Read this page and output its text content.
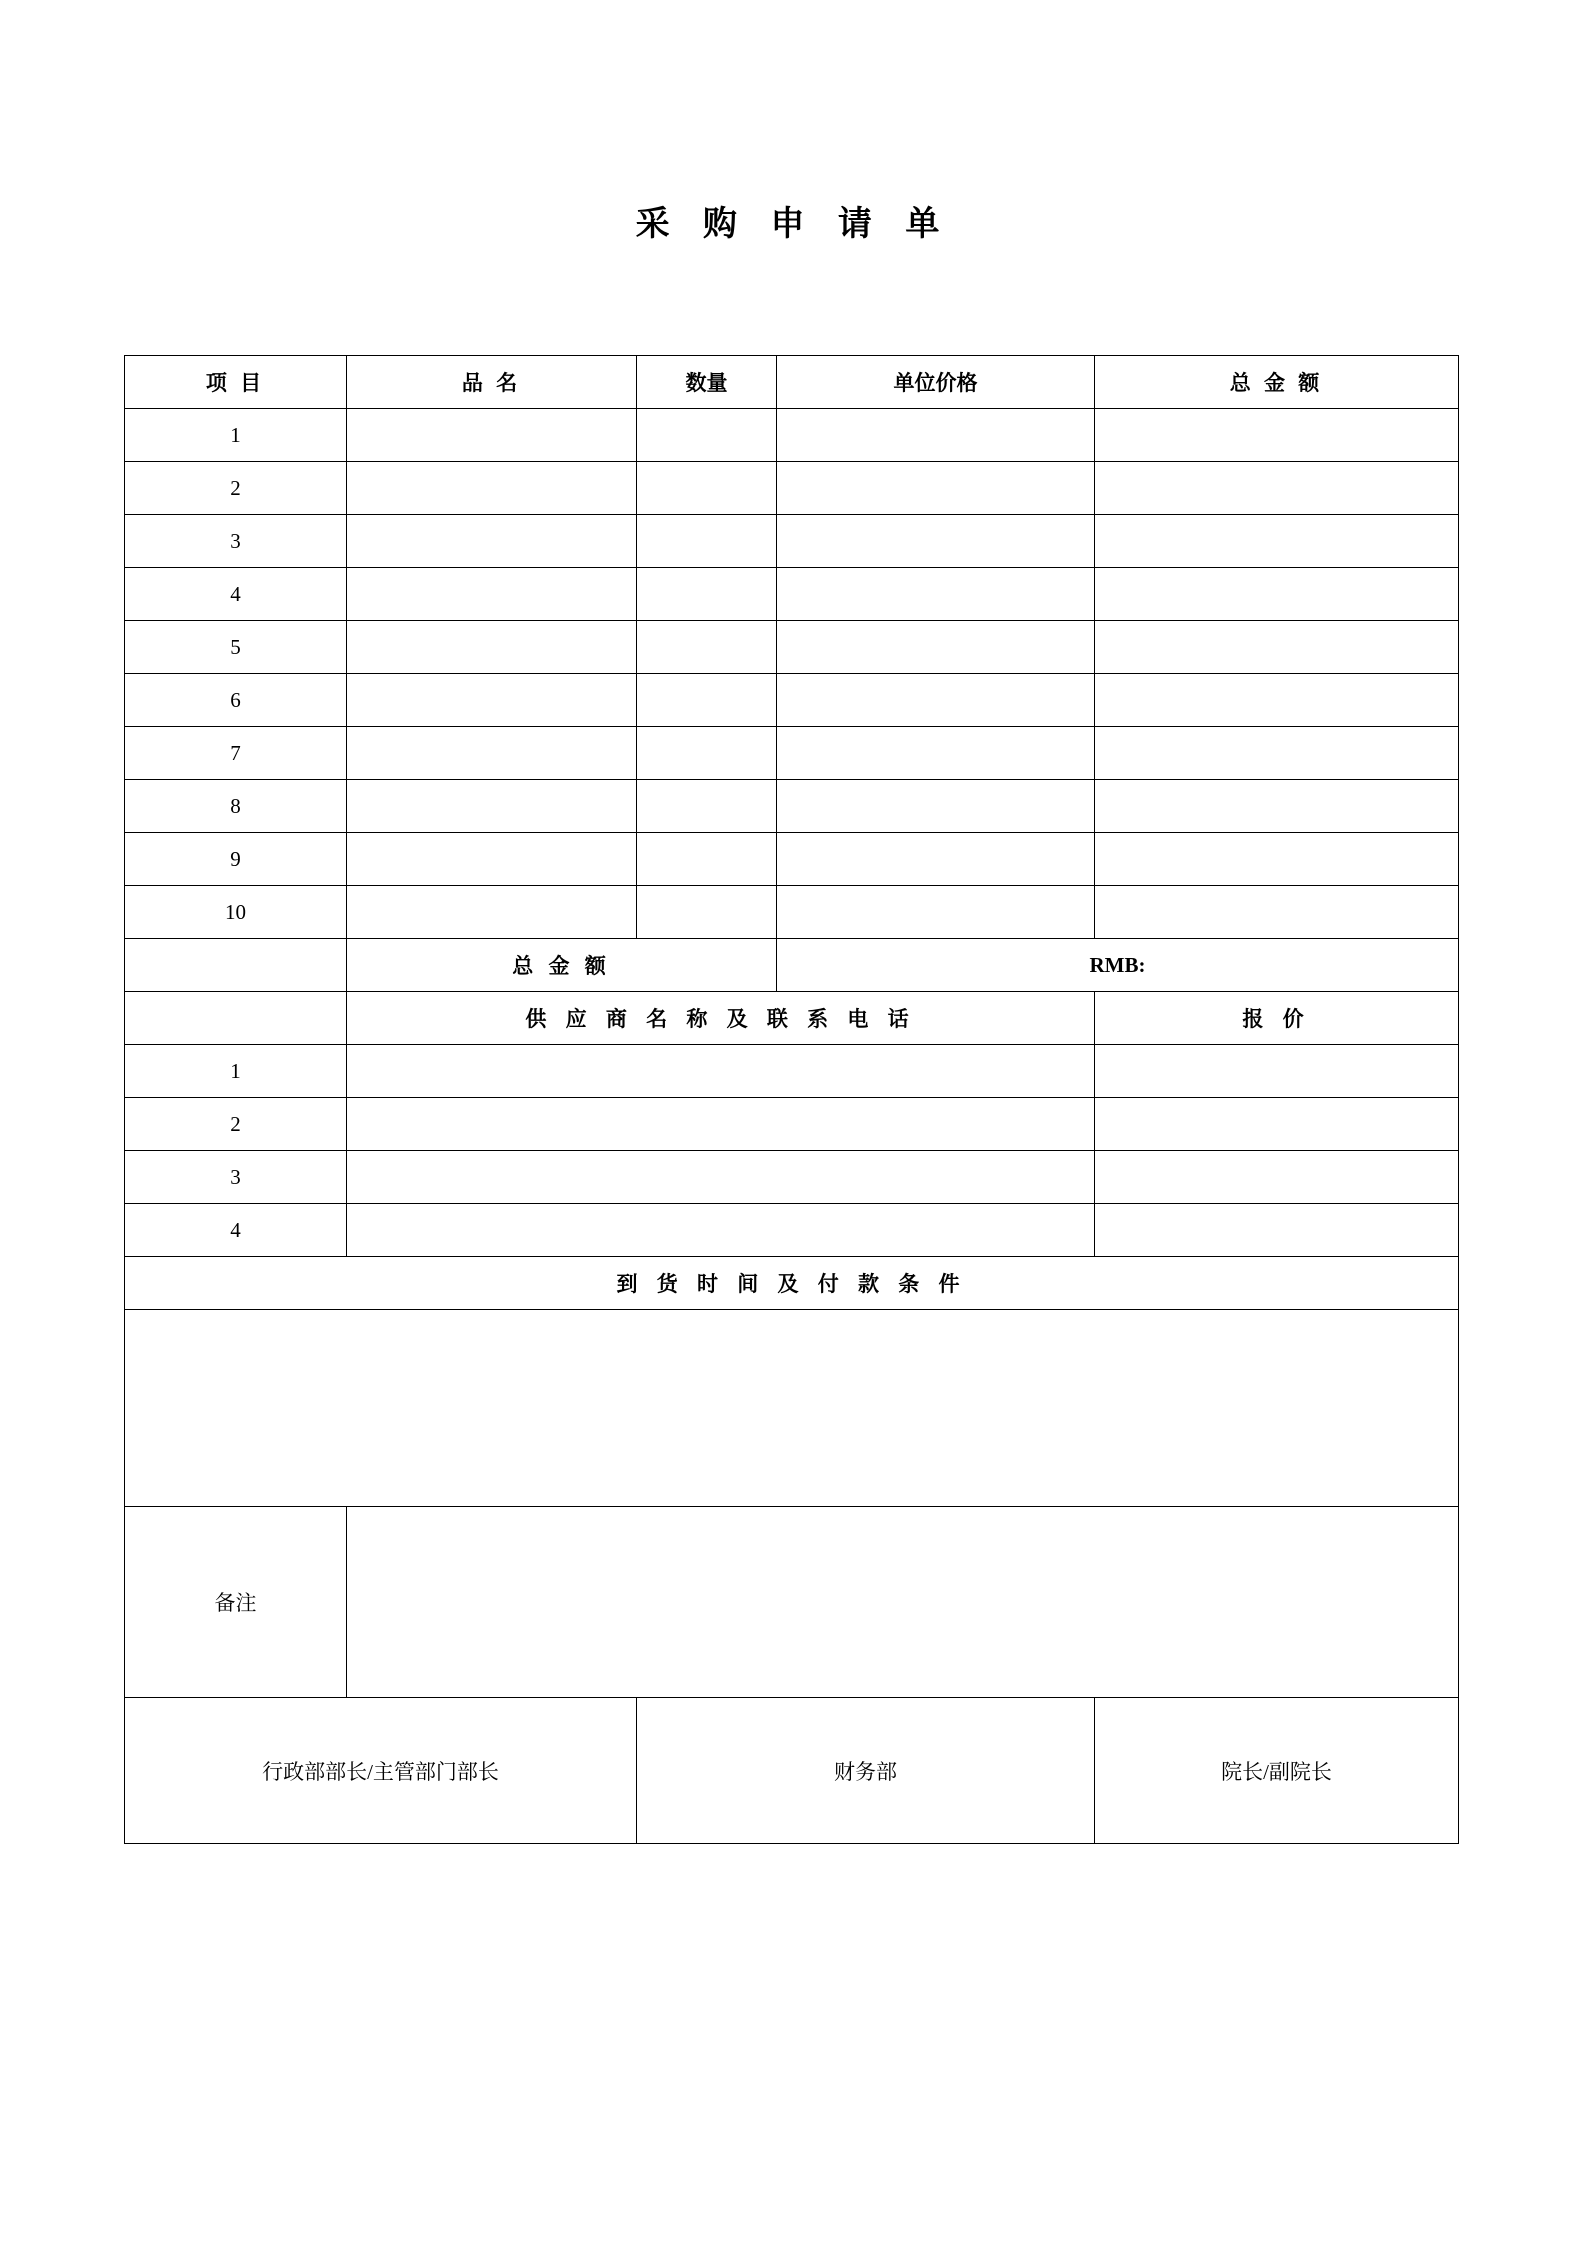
采 购 申 请 单
项 目	品 名	数量	单位价格	总 金 额
1				
2				
3				
4				
5				
6				
7				
8				
9				
10				
	总 金 额		RMB:	
	供 应 商 名 称 及 联 系 电 话			报 价
1				
2				
3				
4				
到 货 时 间 及 付 款 条 件				

备注				
行政部部长/主管部门部长		财务部		院长/副院长
